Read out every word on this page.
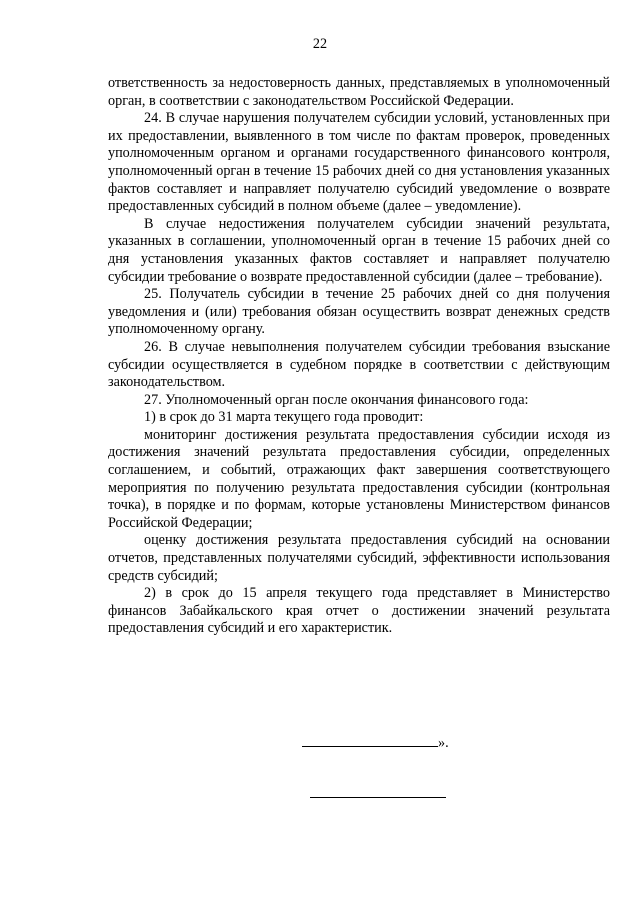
22

ответственность за недостоверность данных, представляемых в уполномоченный орган, в соответствии с законодательством Российской Федерации.

24. В случае нарушения получателем субсидии условий, установленных при их предоставлении, выявленного в том числе по фактам проверок, проведенных уполномоченным органом и органами государственного финансового контроля, уполномоченный орган в течение 15 рабочих дней со дня установления указанных фактов составляет и направляет получателю субсидий уведомление о возврате предоставленных субсидий в полном объеме (далее – уведомление).

В случае недостижения получателем субсидии значений результата, указанных в соглашении, уполномоченный орган в течение 15 рабочих дней со дня установления указанных фактов составляет и направляет получателю субсидии требование о возврате предоставленной субсидии (далее – требование).

25. Получатель субсидии в течение 25 рабочих дней со дня получения уведомления и (или) требования обязан осуществить возврат денежных средств уполномоченному органу.

26. В случае невыполнения получателем субсидии требования взыскание субсидии осуществляется в судебном порядке в соответствии с действующим законодательством.

27. Уполномоченный орган после окончания финансового года:

1) в срок до 31 марта текущего года проводит:

мониторинг достижения результата предоставления субсидии исходя из достижения значений результата предоставления субсидии, определенных соглашением, и событий, отражающих факт завершения соответствующего мероприятия по получению результата предоставления субсидии (контрольная точка), в порядке и по формам, которые установлены Министерством финансов Российской Федерации;

оценку достижения результата предоставления субсидий на основании отчетов, представленных получателями субсидий, эффективности использования средств субсидий;

2) в срок до 15 апреля текущего года представляет в Министерство финансов Забайкальского края отчет о достижении значений результата предоставления субсидий и его характеристик.

».
